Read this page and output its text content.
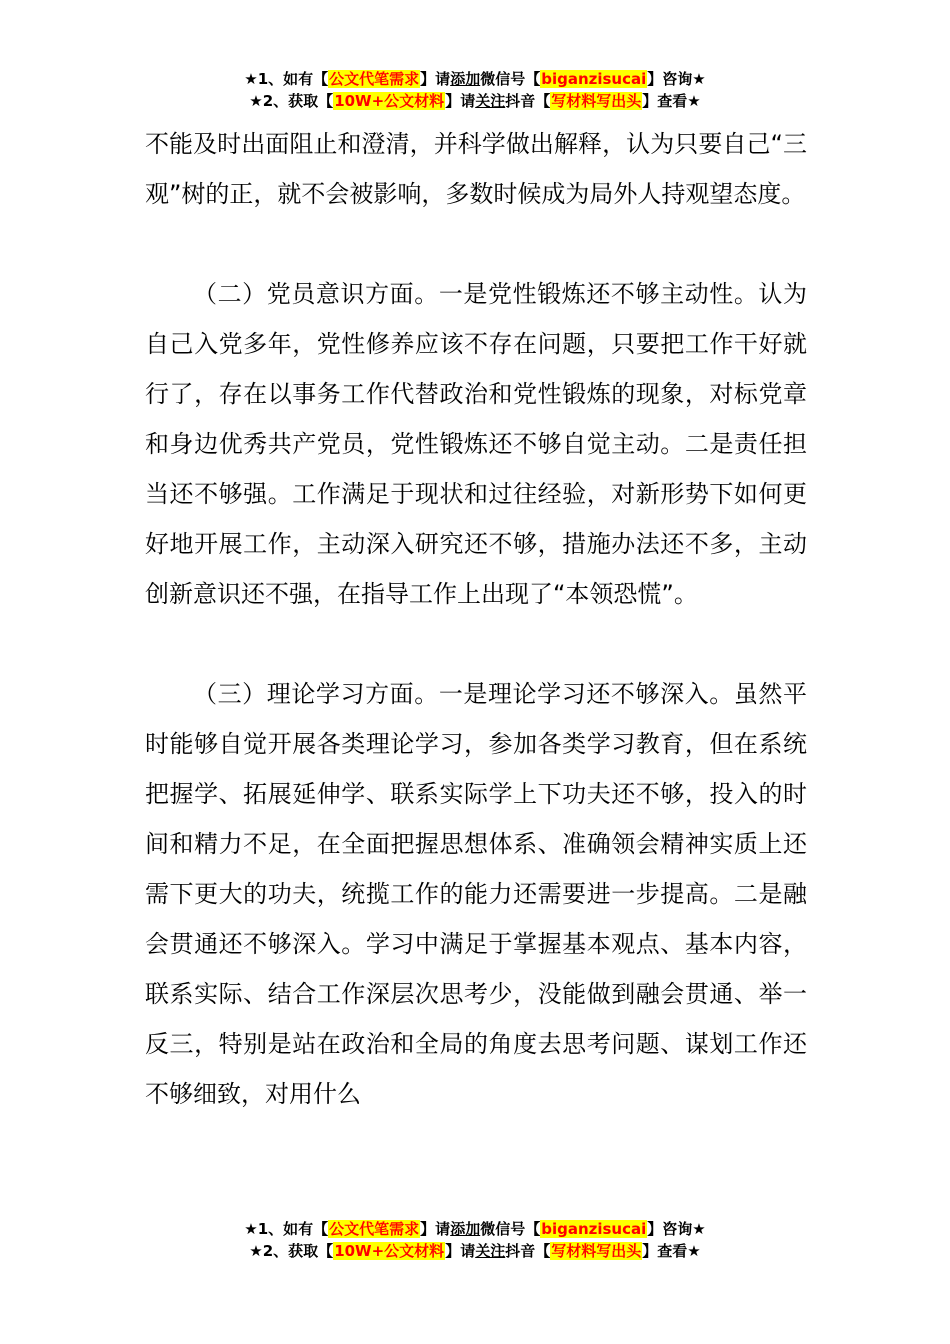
★1、如有【公文代笔需求】请添加微信号【biganzisucai】咨询★
★2、获取【10W+公文材料】请关注抖音【写材料写出头】查看★

不能及时出面阻止和澄清，并科学做出解释，认为只要自己“三观”树的正，就不会被影响，多数时候成为局外人持观望态度。

（二）党员意识方面。一是党性锻炼还不够主动性。认为自己入党多年，党性修养应该不存在问题，只要把工作干好就行了，存在以事务工作代替政治和党性锻炼的现象，对标党章和身边优秀共产党员，党性锻炼还不够自觉主动。二是责任担当还不够强。工作满足于现状和过往经验，对新形势下如何更好地开展工作，主动深入研究还不够，措施办法还不多，主动创新意识还不强，在指导工作上出现了“本领恐慌”。

（三）理论学习方面。一是理论学习还不够深入。虽然平时能够自觉开展各类理论学习，参加各类学习教育，但在系统把握学、拓展延伸学、联系实际学上下功夫还不够，投入的时间和精力不足，在全面把握思想体系、准确领会精神实质上还需下更大的功夫，统揽工作的能力还需要进一步提高。二是融会贯通还不够深入。学习中满足于掌握基本观点、基本内容，联系实际、结合工作深层次思考少，没能做到融会贯通、举一反三，特别是站在政治和全局的角度去思考问题、谋划工作还不够细致，对用什么

★1、如有【公文代笔需求】请添加微信号【biganzisucai】咨询★
★2、获取【10W+公文材料】请关注抖音【写材料写出头】查看★
